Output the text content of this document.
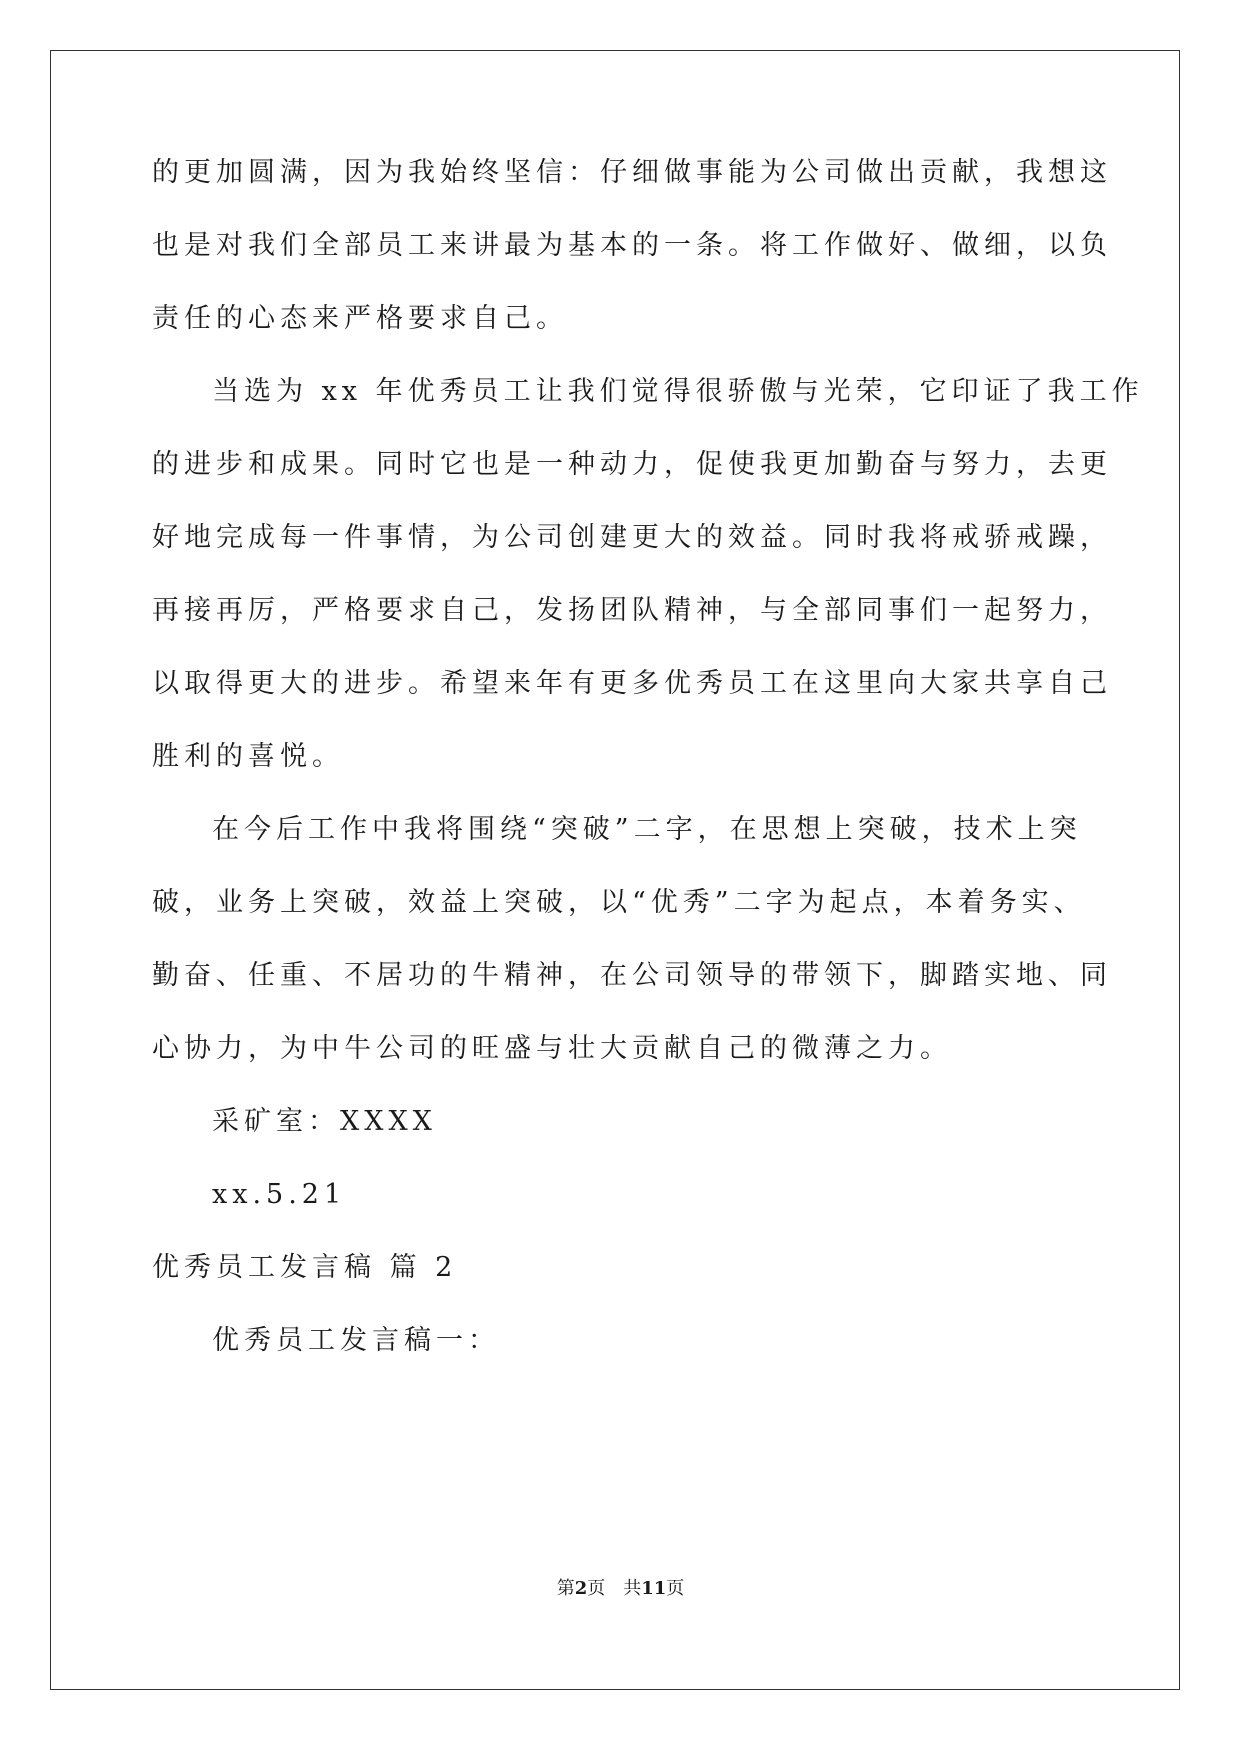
的更加圆满，因为我始终坚信：仔细做事能为公司做出贡献，我想这
也是对我们全部员工来讲最为基本的一条。将工作做好、做细，以负
责任的心态来严格要求自己。
当选为 xx 年优秀员工让我们觉得很骄傲与光荣，它印证了我工作
的进步和成果。同时它也是一种动力，促使我更加勤奋与努力，去更
好地完成每一件事情，为公司创建更大的效益。同时我将戒骄戒躁，
再接再厉，严格要求自己，发扬团队精神，与全部同事们一起努力，
以取得更大的进步。希望来年有更多优秀员工在这里向大家共享自己
胜利的喜悦。
在今后工作中我将围绕“突破”二字，在思想上突破，技术上突
破，业务上突破，效益上突破，以“优秀”二字为起点，本着务实、
勤奋、任重、不居功的牛精神，在公司领导的带领下，脚踏实地、同
心协力，为中牛公司的旺盛与壮大贡献自己的微薄之力。
采矿室：XXXX
xx.5.21
优秀员工发言稿 篇 2
优秀员工发言稿一：
第2页　共11页
